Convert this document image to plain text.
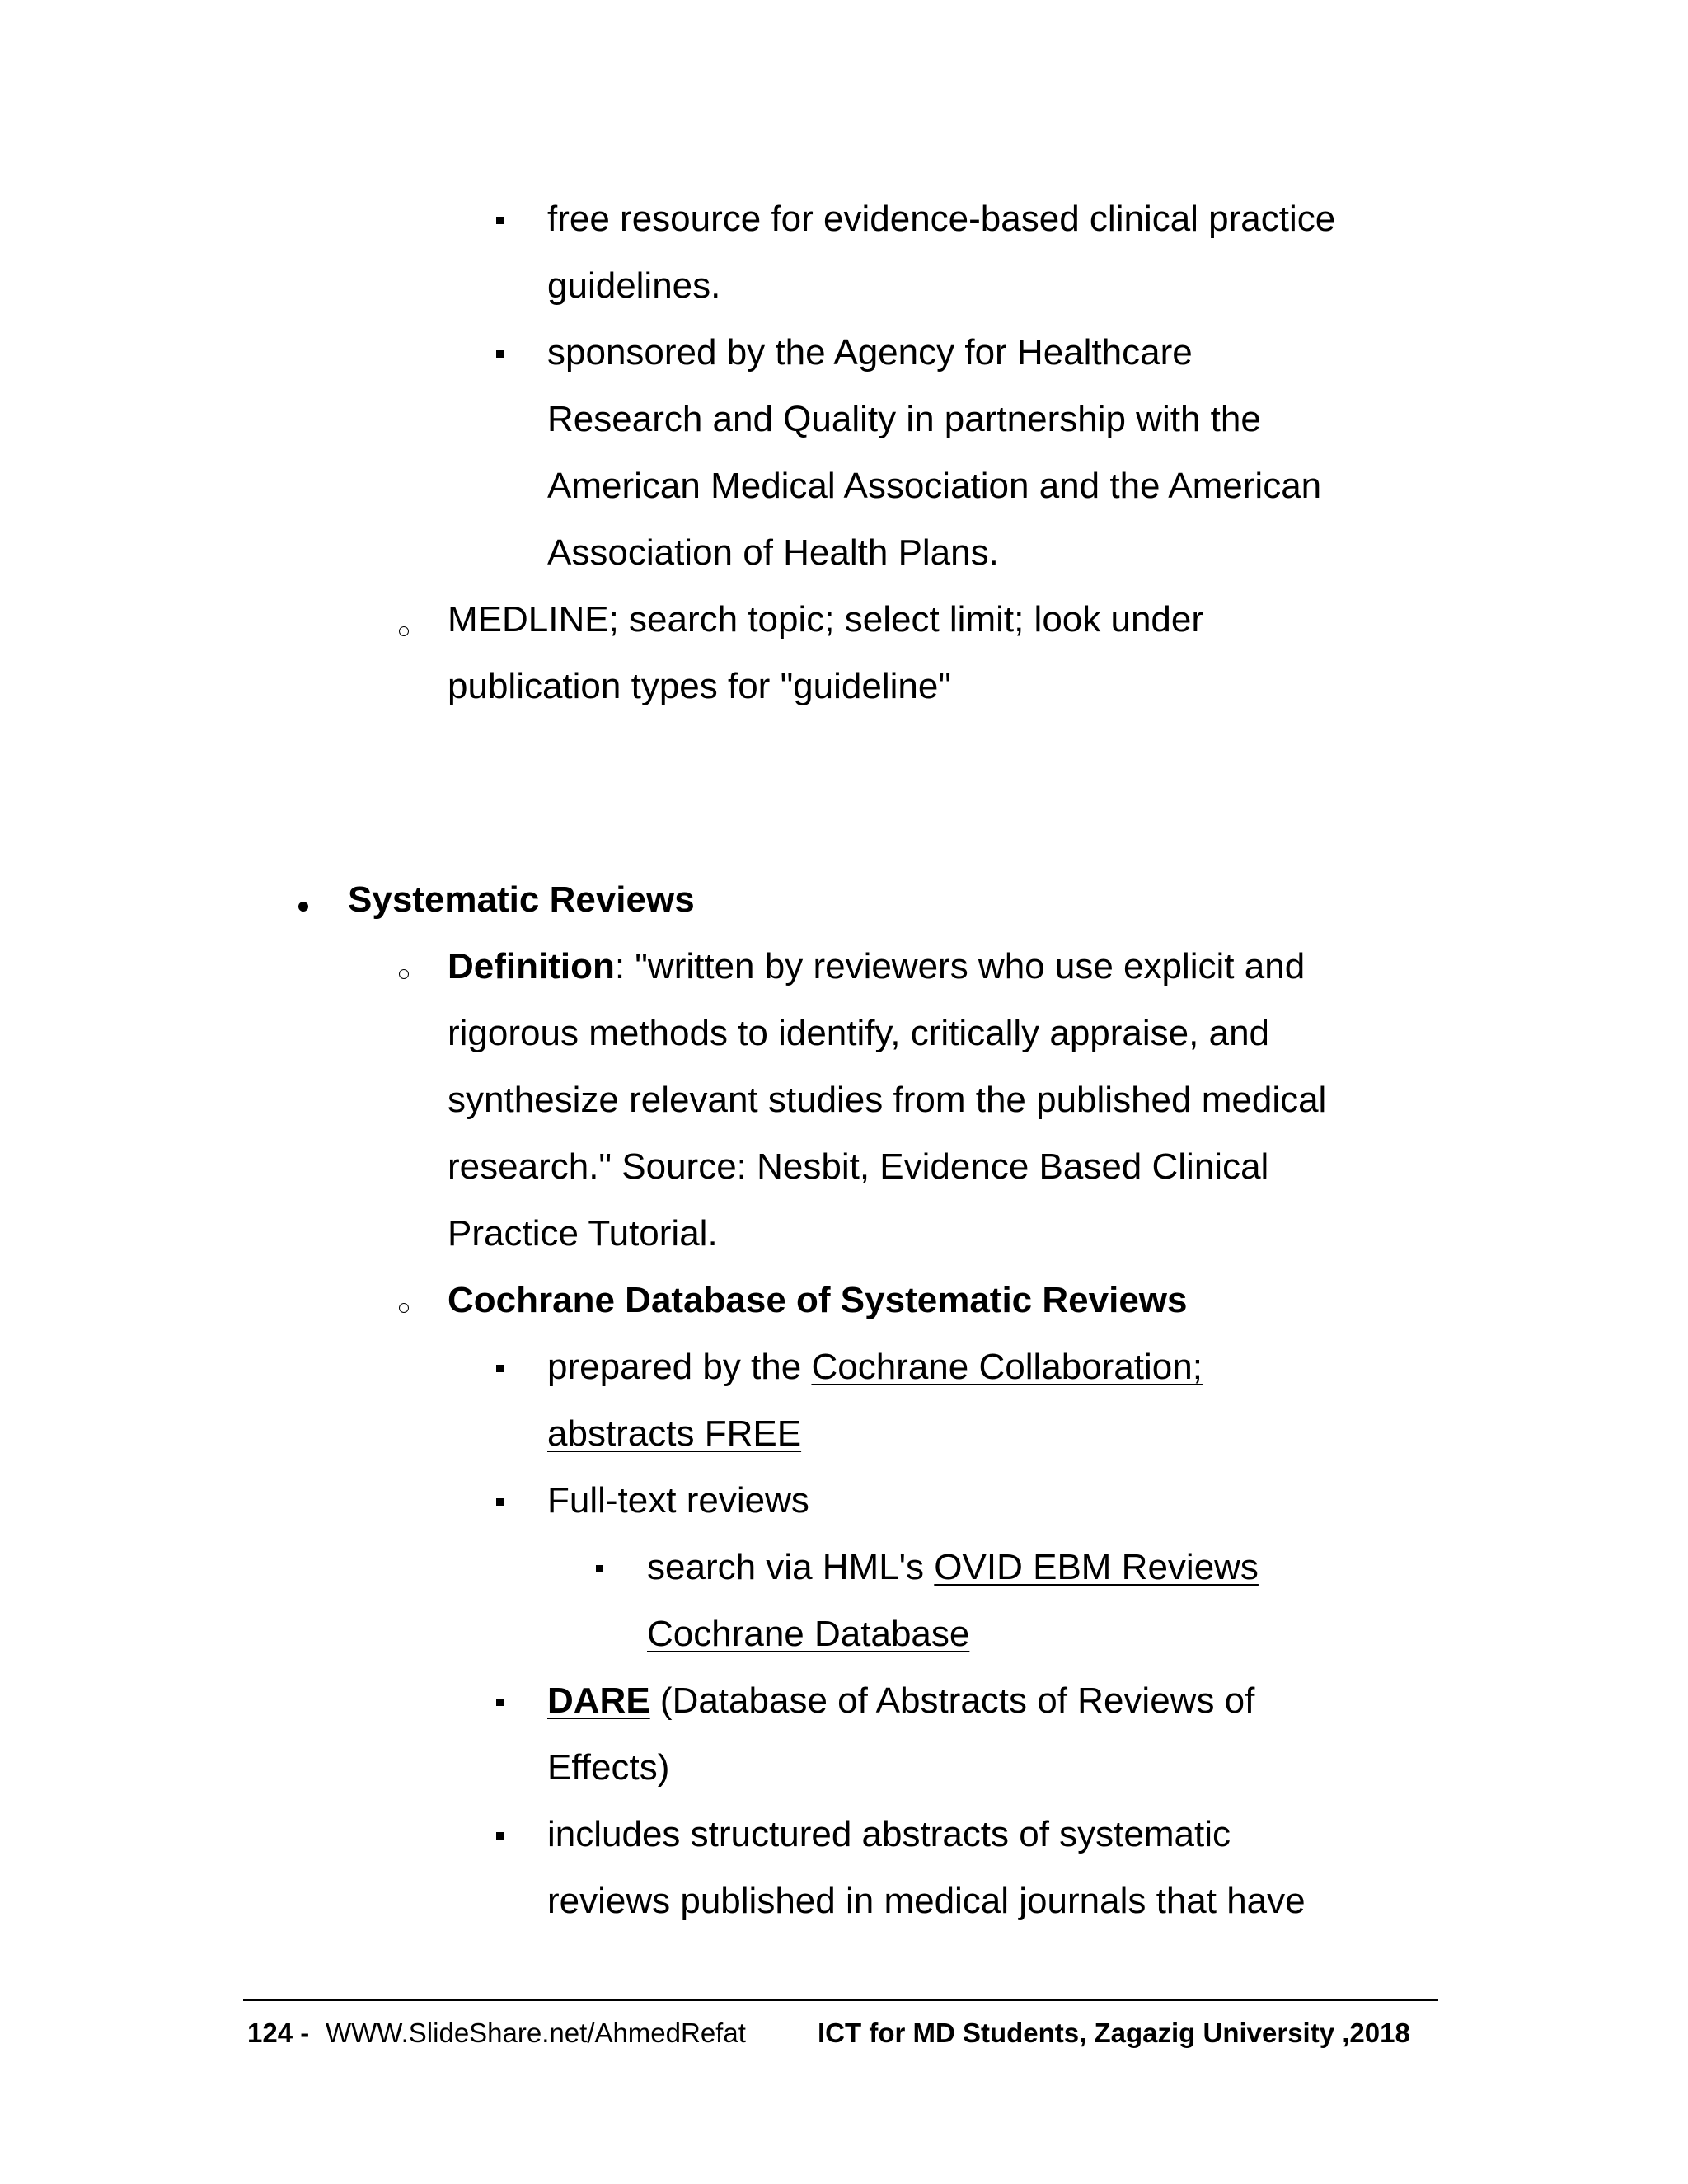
free resource for evidence-based clinical practice
guidelines.
sponsored by the Agency for Healthcare
Research and Quality in partnership with the
American Medical Association and the American
Association of Health Plans.
MEDLINE; search topic; select limit; look under
publication types for "guideline"
Systematic Reviews
Definition: "written by reviewers who use explicit and
rigorous methods to identify, critically appraise, and
synthesize relevant studies from the published medical
research." Source: Nesbit, Evidence Based Clinical
Practice Tutorial.
Cochrane Database of Systematic Reviews
prepared by the Cochrane Collaboration;
abstracts FREE
Full-text reviews
search via HML's OVID EBM Reviews
Cochrane Database
DARE (Database of Abstracts of Reviews of
Effects)
includes structured abstracts of systematic
reviews published in medical journals that have
124 - WWW.SlideShare.net/AhmedRefat	ICT for MD Students, Zagazig University ,2018
